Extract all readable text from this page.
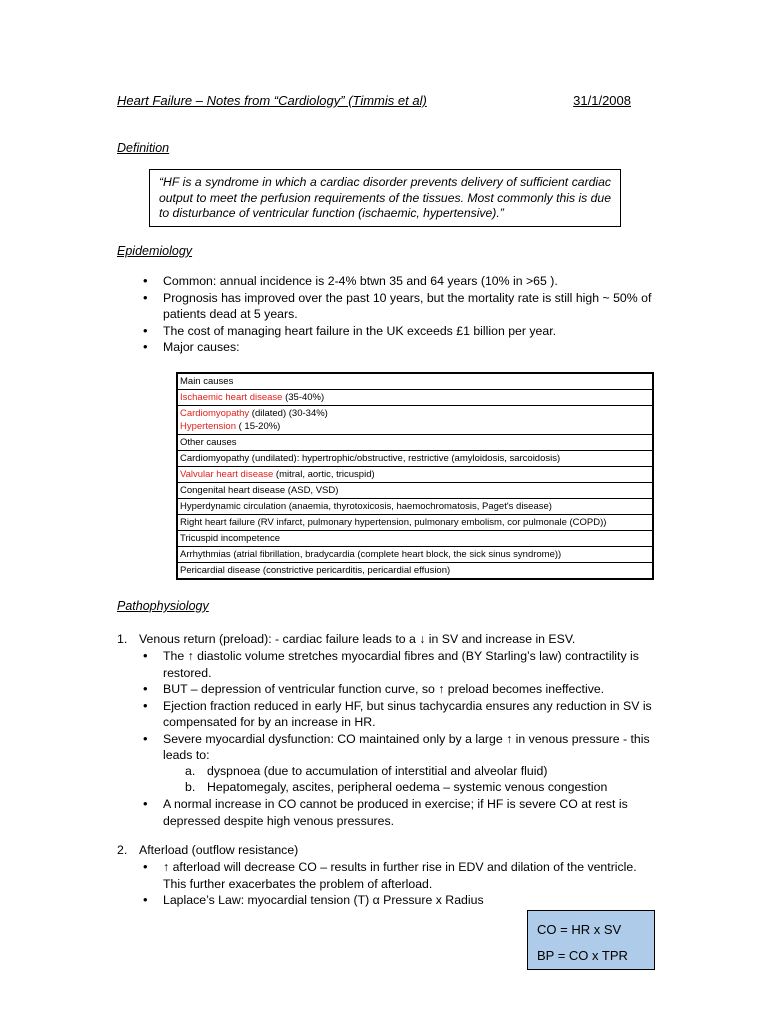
Heart Failure – Notes from “Cardiology” (Timmis et al)	31/1/2008
Definition
“HF is a syndrome in which a cardiac disorder prevents delivery of sufficient cardiac output to meet the perfusion requirements of the tissues. Most commonly this is due to disturbance of ventricular function (ischaemic, hypertensive).”
Epidemiology
• Common: annual incidence is 2-4% btwn 35 and 64 years (10% in >65 ).
• Prognosis has improved over the past 10 years, but the mortality rate is still high ~ 50% of patients dead at 5 years.
• The cost of managing heart failure in the UK exceeds £1 billion per year.
• Major causes:
Main causes
Ischaemic heart disease (35-40%)
Cardiomyopathy (dilated) (30-34%)
Hypertension ( 15-20%)
Other causes
Cardiomyopathy (undilated): hypertrophic/obstructive, restrictive (amyloidosis, sarcoidosis)
Valvular heart disease (mitral, aortic, tricuspid)
Congenital heart disease (ASD, VSD)
Hyperdynamic circulation (anaemia, thyrotoxicosis, haemochromatosis, Paget's disease)
Right heart failure (RV infarct, pulmonary hypertension, pulmonary embolism, cor pulmonale (COPD))
Tricuspid incompetence
Arrhythmias (atrial fibrillation, bradycardia (complete heart block, the sick sinus syndrome))
Pericardial disease (constrictive pericarditis, pericardial effusion)
Pathophysiology
1. Venous return (preload): - cardiac failure leads to a ↓ in SV and increase in ESV.
• The ↑ diastolic volume stretches myocardial fibres and (BY Starling’s law) contractility is restored.
• BUT – depression of ventricular function curve, so ↑ preload becomes ineffective.
• Ejection fraction reduced in early HF, but sinus tachycardia ensures any reduction in SV is compensated for by an increase in HR.
• Severe myocardial dysfunction: CO maintained only by a large ↑ in venous pressure - this leads to:
a. dyspnoea (due to accumulation of interstitial and alveolar fluid)
b. Hepatomegaly, ascites, peripheral oedema – systemic venous congestion
• A normal increase in CO cannot be produced in exercise; if HF is severe CO at rest is depressed despite high venous pressures.
2. Afterload (outflow resistance)
• ↑ afterload will decrease CO – results in further rise in EDV and dilation of the ventricle. This further exacerbates the problem of afterload.
• Laplace’s Law: myocardial tension (T) α Pressure x Radius
CO = HR x SV
BP = CO x TPR
